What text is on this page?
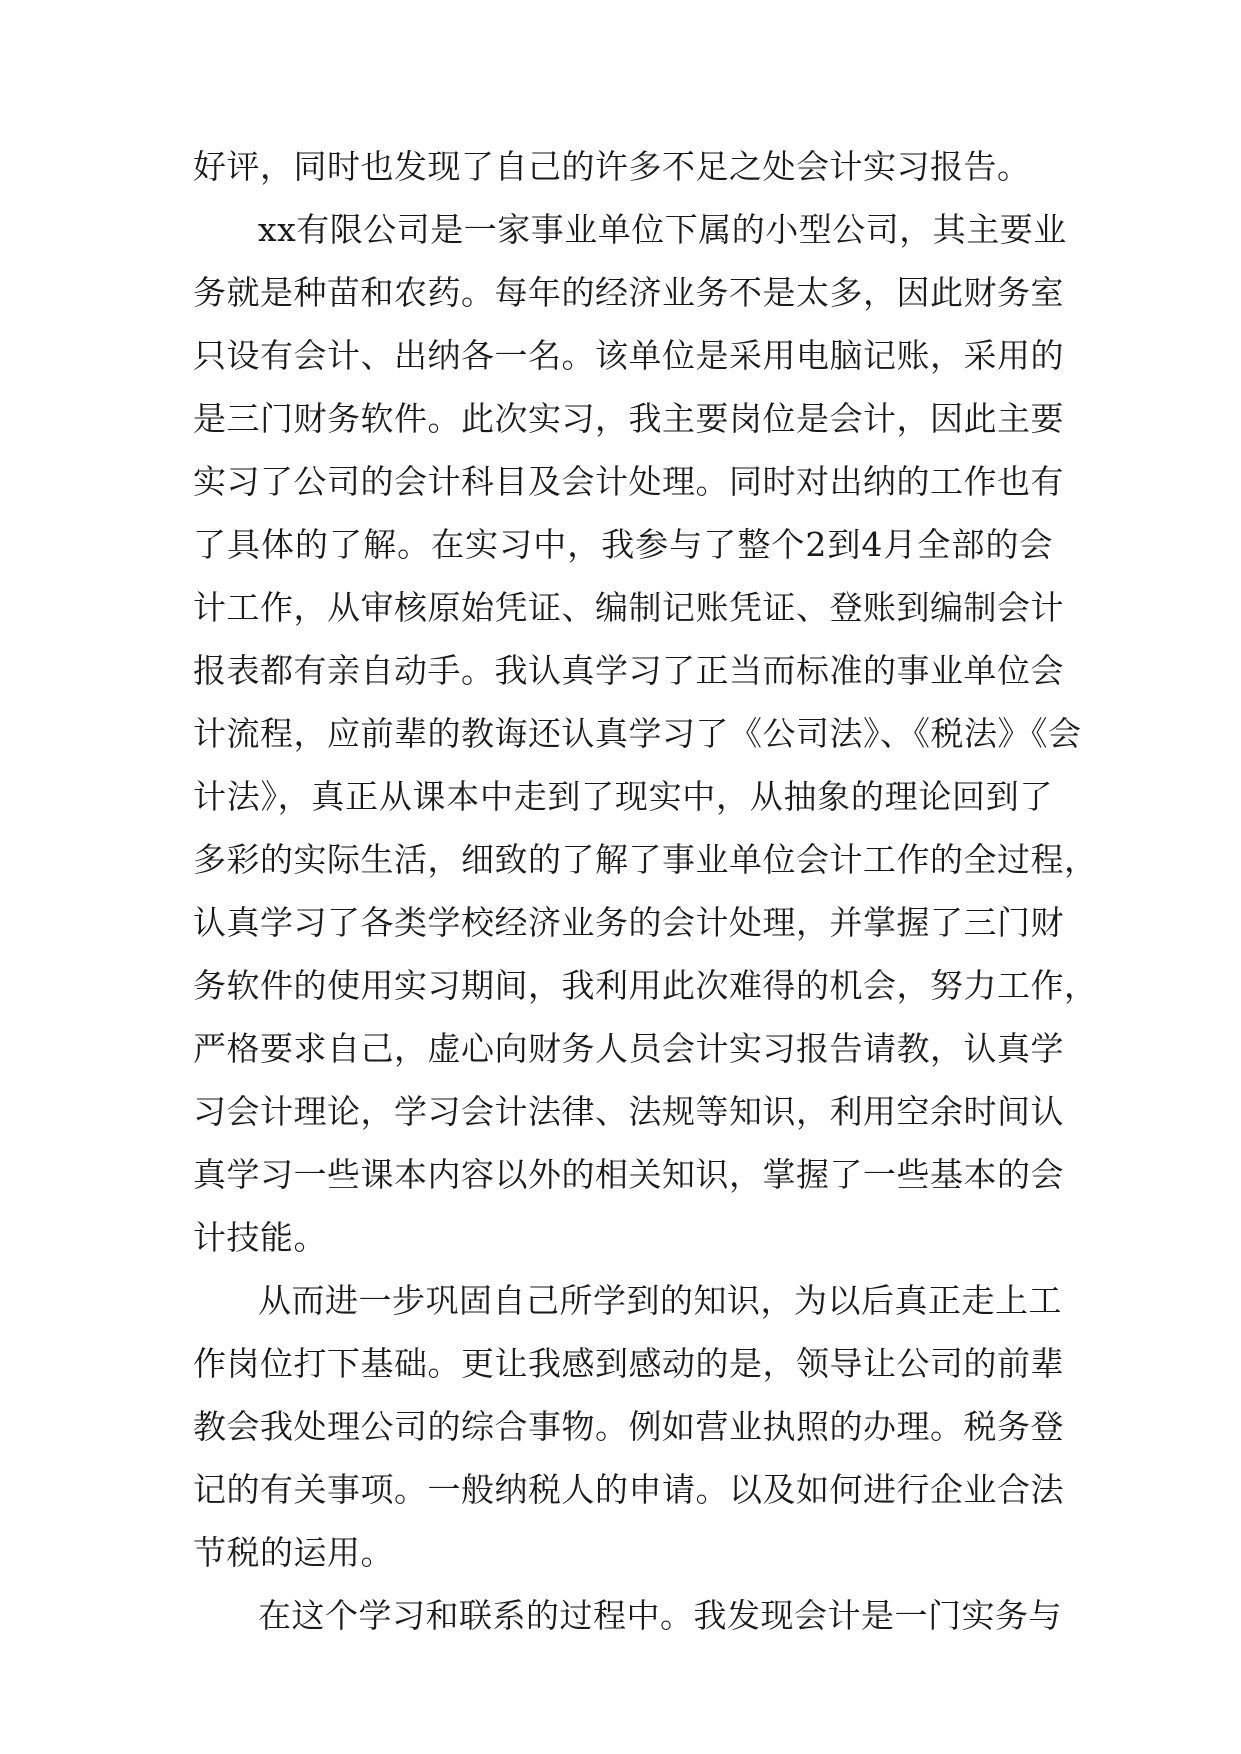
好评，同时也发现了自己的许多不足之处会计实习报告。
xx有限公司是一家事业单位下属的小型公司，其主要业
务就是种苗和农药。每年的经济业务不是太多，因此财务室
只设有会计、出纳各一名。该单位是采用电脑记账，采用的
是三门财务软件。此次实习，我主要岗位是会计，因此主要
实习了公司的会计科目及会计处理。同时对出纳的工作也有
了具体的了解。在实习中，我参与了整个2到4月全部的会
计工作，从审核原始凭证、编制记账凭证、登账到编制会计
报表都有亲自动手。我认真学习了正当而标准的事业单位会
计流程，应前辈的教诲还认真学习了《公司法》、《税法》《会
计法》，真正从课本中走到了现实中，从抽象的理论回到了
多彩的实际生活，细致的了解了事业单位会计工作的全过程，
认真学习了各类学校经济业务的会计处理，并掌握了三门财
务软件的使用实习期间，我利用此次难得的机会，努力工作，
严格要求自己，虚心向财务人员会计实习报告请教，认真学
习会计理论，学习会计法律、法规等知识，利用空余时间认
真学习一些课本内容以外的相关知识，掌握了一些基本的会
计技能。
从而进一步巩固自己所学到的知识，为以后真正走上工
作岗位打下基础。更让我感到感动的是，领导让公司的前辈
教会我处理公司的综合事物。例如营业执照的办理。税务登
记的有关事项。一般纳税人的申请。以及如何进行企业合法
节税的运用。
在这个学习和联系的过程中。我发现会计是一门实务与
